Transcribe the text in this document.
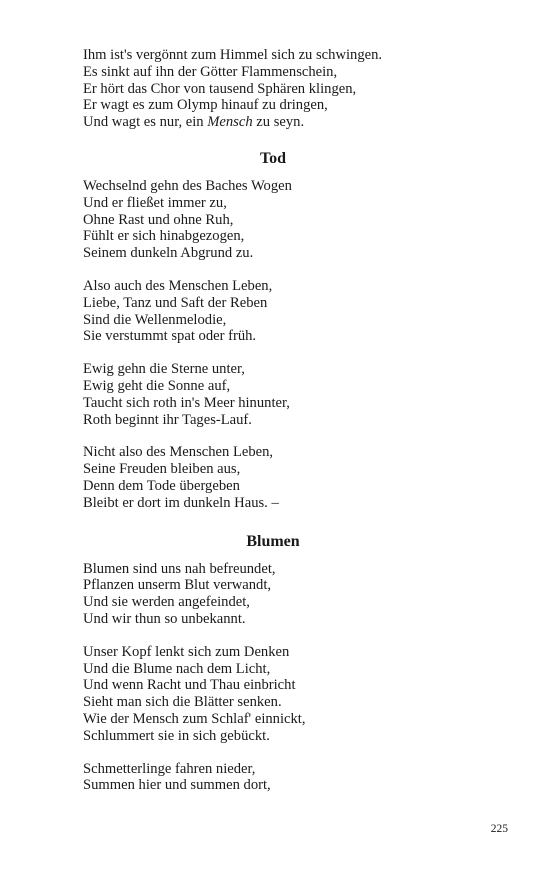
Ihm ist's vergönnt zum Himmel sich zu schwingen.
Es sinkt auf ihn der Götter Flammenschein,
Er hört das Chor von tausend Sphären klingen,
Er wagt es zum Olymp hinauf zu dringen,
Und wagt es nur, ein Mensch zu seyn.
Tod
Wechselnd gehn des Baches Wogen
Und er fließet immer zu,
Ohne Rast und ohne Ruh,
Fühlt er sich hinabgezogen,
Seinem dunkeln Abgrund zu.
Also auch des Menschen Leben,
Liebe, Tanz und Saft der Reben
Sind die Wellenmelodie,
Sie verstummt spat oder früh.
Ewig gehn die Sterne unter,
Ewig geht die Sonne auf,
Taucht sich roth in's Meer hinunter,
Roth beginnt ihr Tages-Lauf.
Nicht also des Menschen Leben,
Seine Freuden bleiben aus,
Denn dem Tode übergeben
Bleibt er dort im dunkeln Haus. –
Blumen
Blumen sind uns nah befreundet,
Pflanzen unserm Blut verwandt,
Und sie werden angefeindet,
Und wir thun so unbekannt.
Unser Kopf lenkt sich zum Denken
Und die Blume nach dem Licht,
Und wenn Racht und Thau einbricht
Sieht man sich die Blätter senken.
Wie der Mensch zum Schlaf' einnickt,
Schlummert sie in sich gebückt.
Schmetterlinge fahren nieder,
Summen hier und summen dort,
225
